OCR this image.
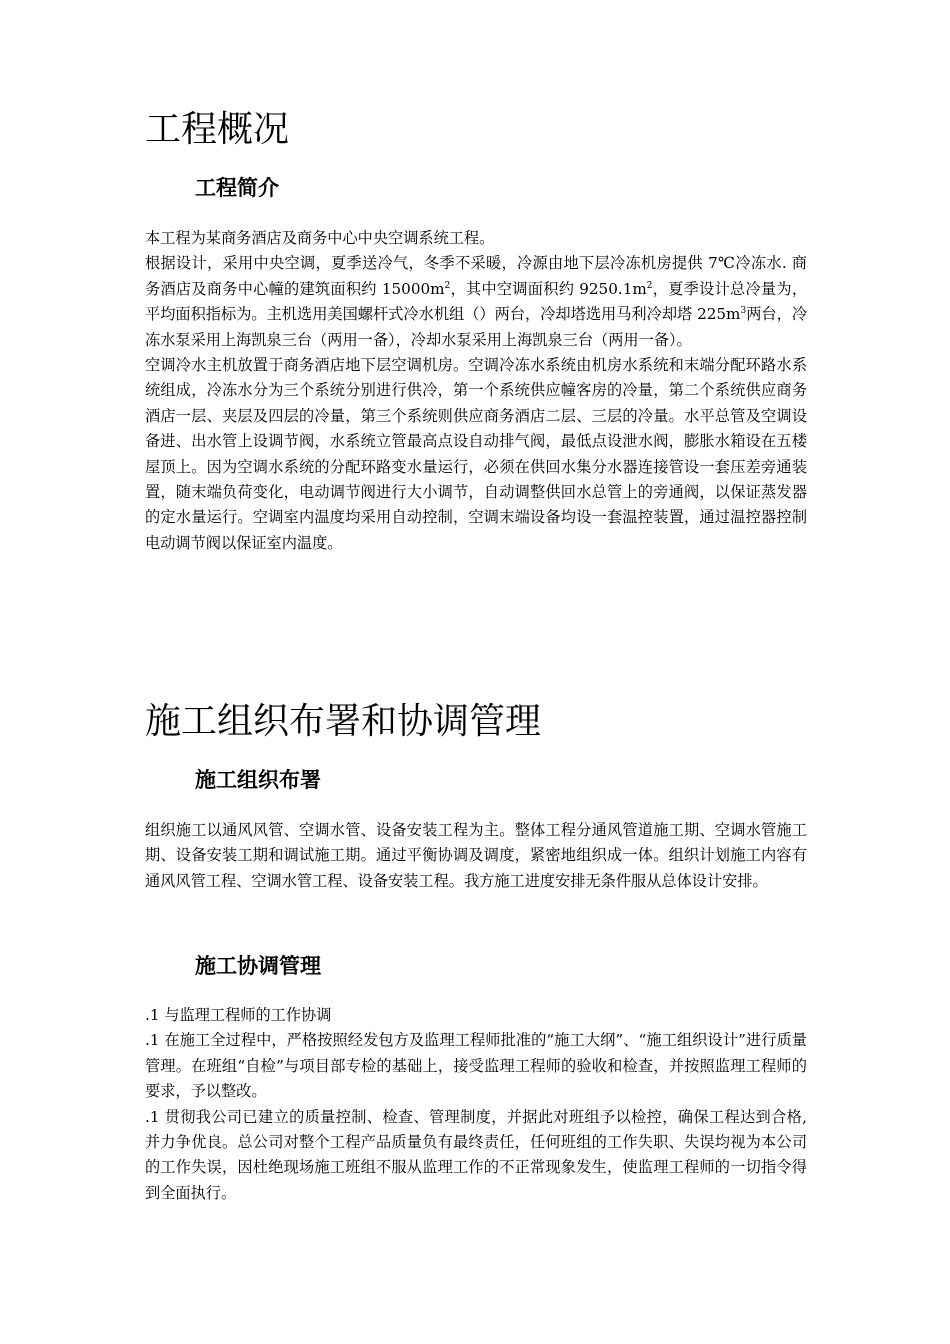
工程概况
工程简介

本工程为某商务酒店及商务中心中央空调系统工程。

根据设计，采用中央空调，夏季送冷气，冬季不采暖，冷源由地下层冷冻机房提供 7℃冷冻水. 商务酒店及商务中心幢的建筑面积约 $15000m^2$，其中空调面积约 $9250.1m^2$，夏季设计总冷量为，平均面积指标为。主机选用美国螺杆式冷水机组（）两台，冷却塔选用马利冷却塔 $225m^3$两台，冷冻水泵采用上海凯泉三台（两用一备），冷却水泵采用上海凯泉三台（两用一备）。

空调冷水主机放置于商务酒店地下层空调机房。空调冷冻水系统由机房水系统和末端分配环路水系统组成，冷冻水分为三个系统分别进行供冷，第一个系统供应幢客房的冷量，第二个系统供应商务酒店一层、夹层及四层的冷量，第三个系统则供应商务酒店二层、三层的冷量。水平总管及空调设备进、出水管上设调节阀，水系统立管最高点设自动排气阀，最低点设泄水阀，膨胀水箱设在五楼屋顶上。因为空调水系统的分配环路变水量运行，必须在供回水集分水器连接管设一套压差旁通装置，随末端负荷变化，电动调节阀进行大小调节，自动调整供回水总管上的旁通阀，以保证蒸发器的定水量运行。空调室内温度均采用自动控制，空调末端设备均设一套温控装置，通过温控器控制电动调节阀以保证室内温度。

施工组织布署和协调管理
施工组织布署

组织施工以通风风管、空调水管、设备安装工程为主。整体工程分通风管道施工期、空调水管施工期、设备安装工期和调试施工期。通过平衡协调及调度，紧密地组织成一体。组织计划施工内容有通风风管工程、空调水管工程、设备安装工程。我方施工进度安排无条件服从总体设计安排。

施工协调管理

.1 与监理工程师的工作协调

.1 在施工全过程中，严格按照经发包方及监理工程师批准的“施工大纲”、“施工组织设计”进行质量管理。在班组“自检”与项目部专检的基础上，接受监理工程师的验收和检查，并按照监理工程师的要求，予以整改。

.1 贯彻我公司已建立的质量控制、检查、管理制度，并据此对班组予以检控，确保工程达到合格,并力争优良。总公司对整个工程产品质量负有最终责任，任何班组的工作失职、失误均视为本公司的工作失误，因杜绝现场施工班组不服从监理工作的不正常现象发生，使监理工程师的一切指令得到全面执行。
